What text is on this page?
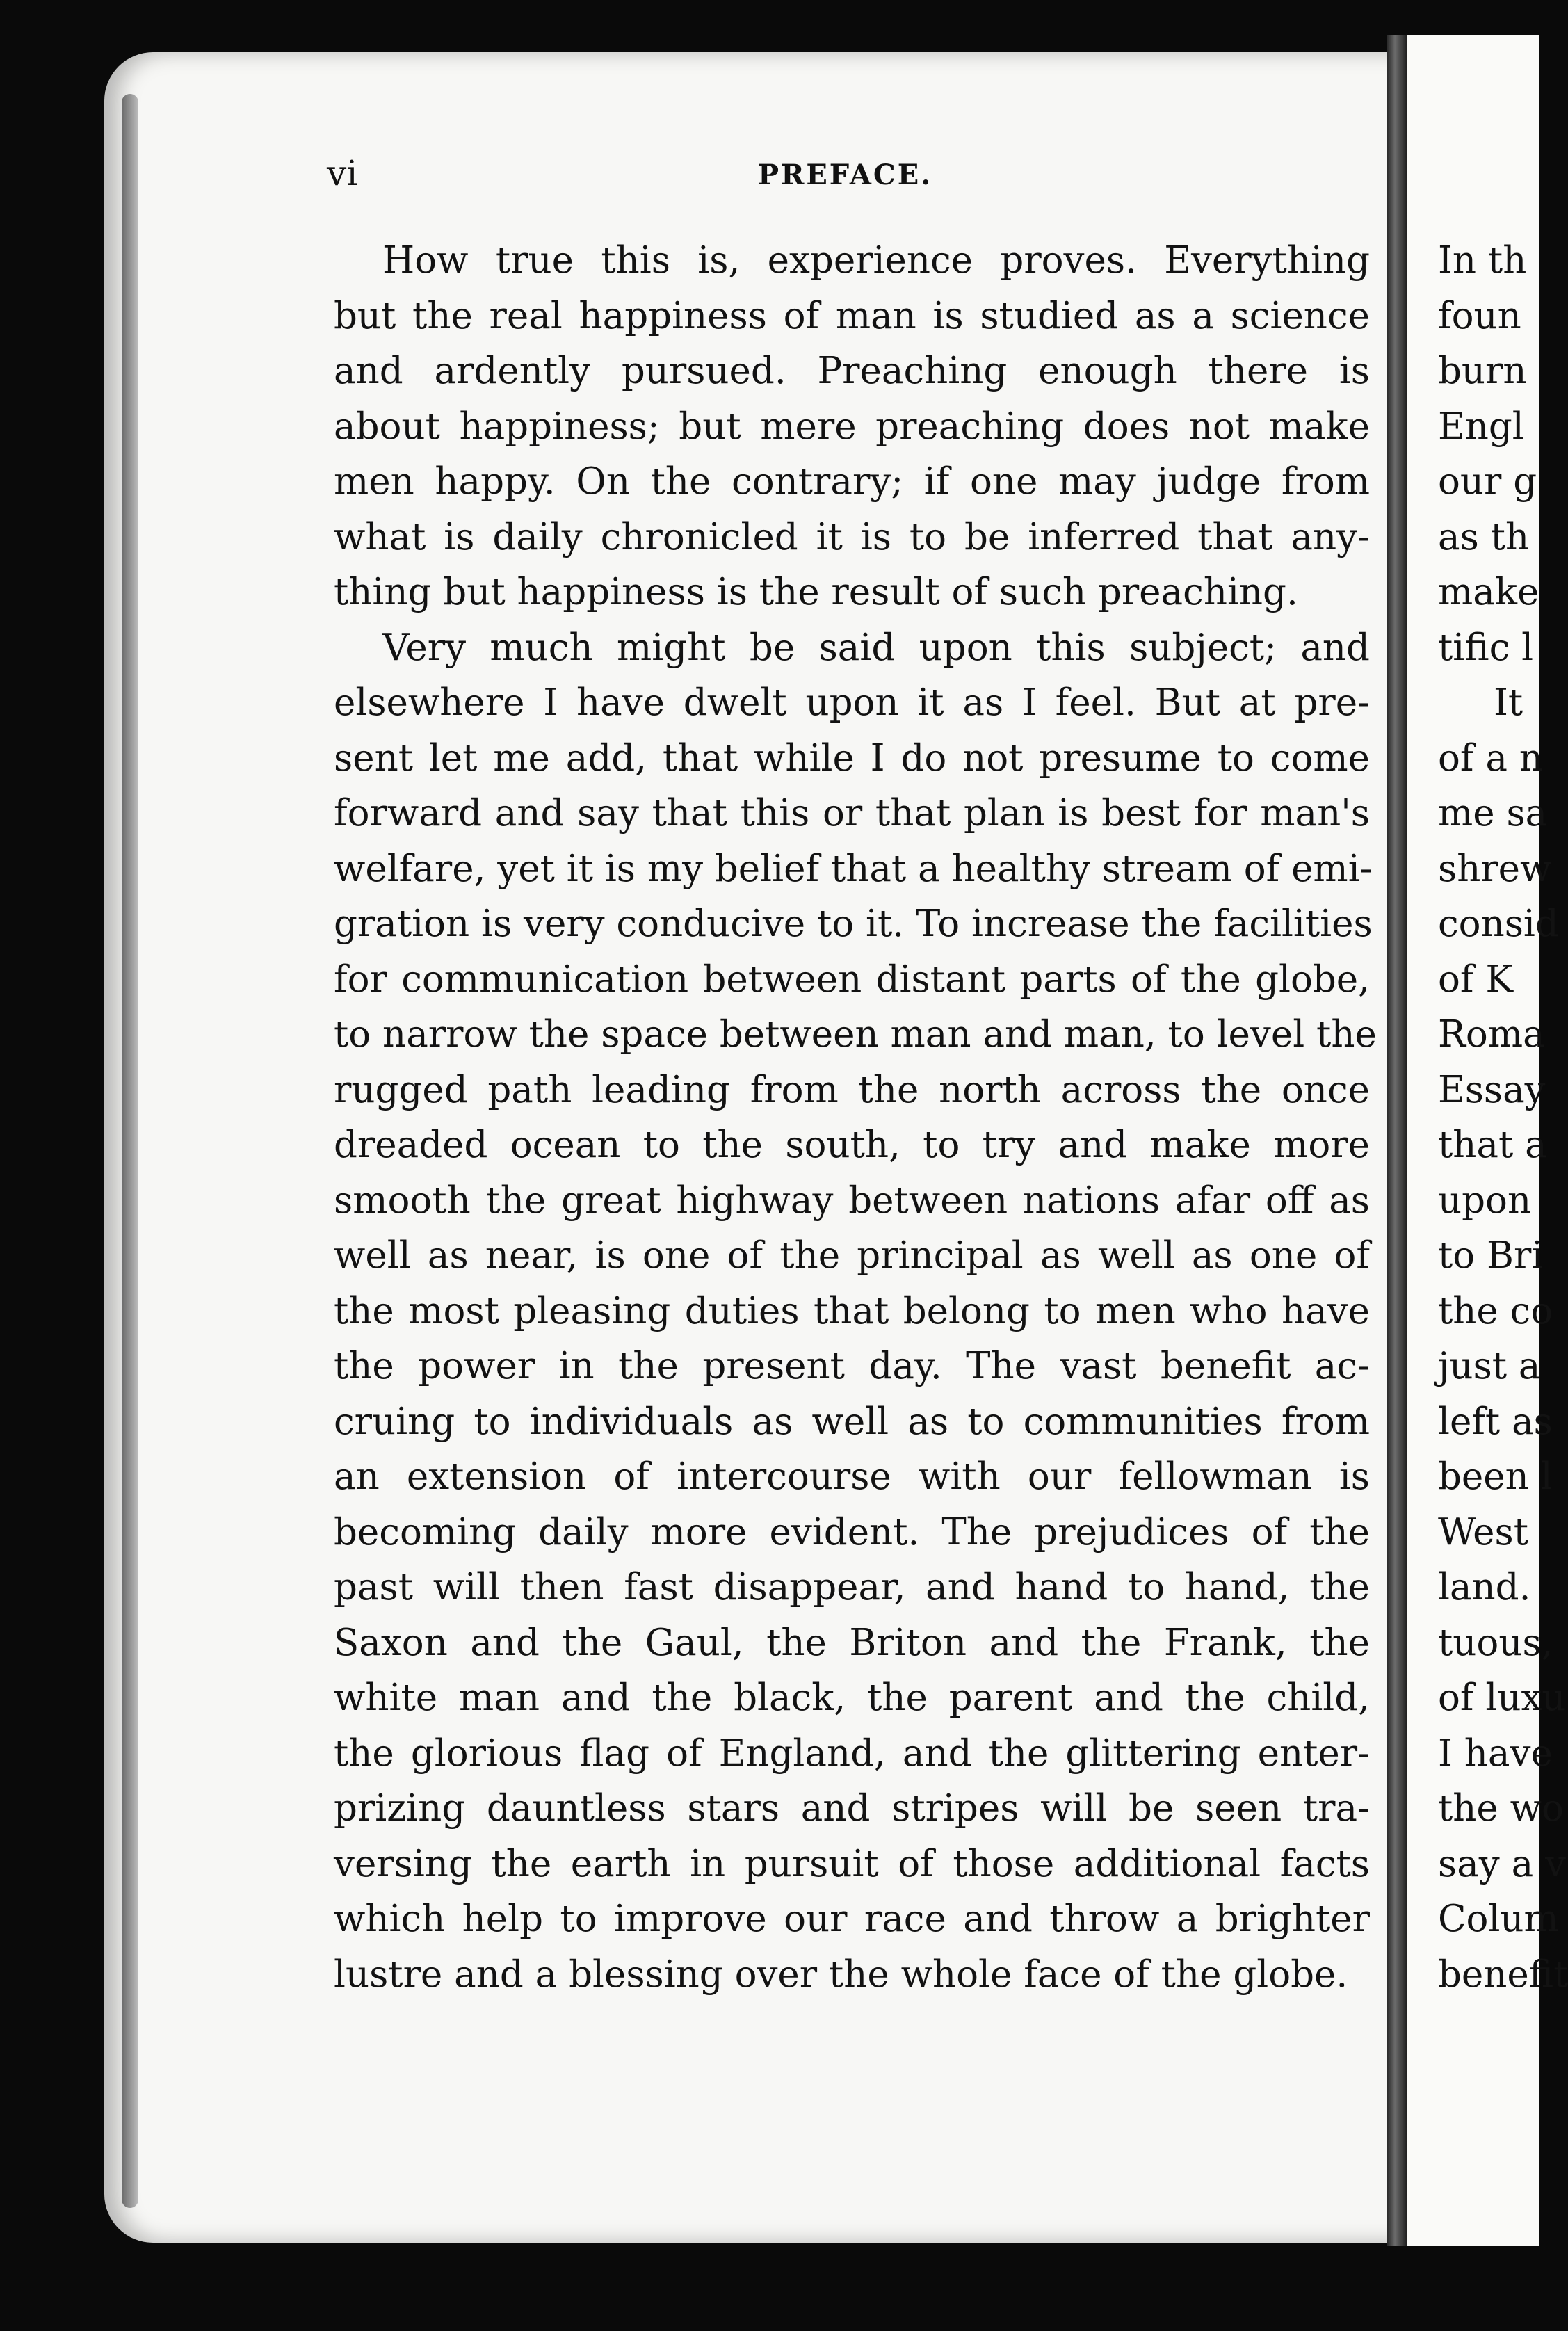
vi	PREFACE.
How true this is, experience proves. Everything
but the real happiness of man is studied as a science
and ardently pursued. Preaching enough there is
about happiness; but mere preaching does not make
men happy. On the contrary; if one may judge from
what is daily chronicled it is to be inferred that any-
thing but happiness is the result of such preaching.
Very much might be said upon this subject; and
elsewhere I have dwelt upon it as I feel. But at pre-
sent let me add, that while I do not presume to come
forward and say that this or that plan is best for man's
welfare, yet it is my belief that a healthy stream of emi-
gration is very conducive to it. To increase the facilities
for communication between distant parts of the globe,
to narrow the space between man and man, to level the
rugged path leading from the north across the once
dreaded ocean to the south, to try and make more
smooth the great highway between nations afar off as
well as near, is one of the principal as well as one of
the most pleasing duties that belong to men who have
the power in the present day. The vast benefit ac-
cruing to individuals as well as to communities from
an extension of intercourse with our fellowman is
becoming daily more evident. The prejudices of the
past will then fast disappear, and hand to hand, the
Saxon and the Gaul, the Briton and the Frank, the
white man and the black, the parent and the child,
the glorious flag of England, and the glittering enter-
prizing dauntless stars and stripes will be seen tra-
versing the earth in pursuit of those additional facts
which help to improve our race and throw a brighter
lustre and a blessing over the whole face of the globe.
In th
foun
burn
Engl
our g
as th
make
tific l
It
of a n
me sa
shrew
consid
of K
Roma
Essay
that a
upon
to Bri
the co
just a
left as
been l
West
land.
tuous,
of luxu
I have
the wo
say a v
Colum
benefit
